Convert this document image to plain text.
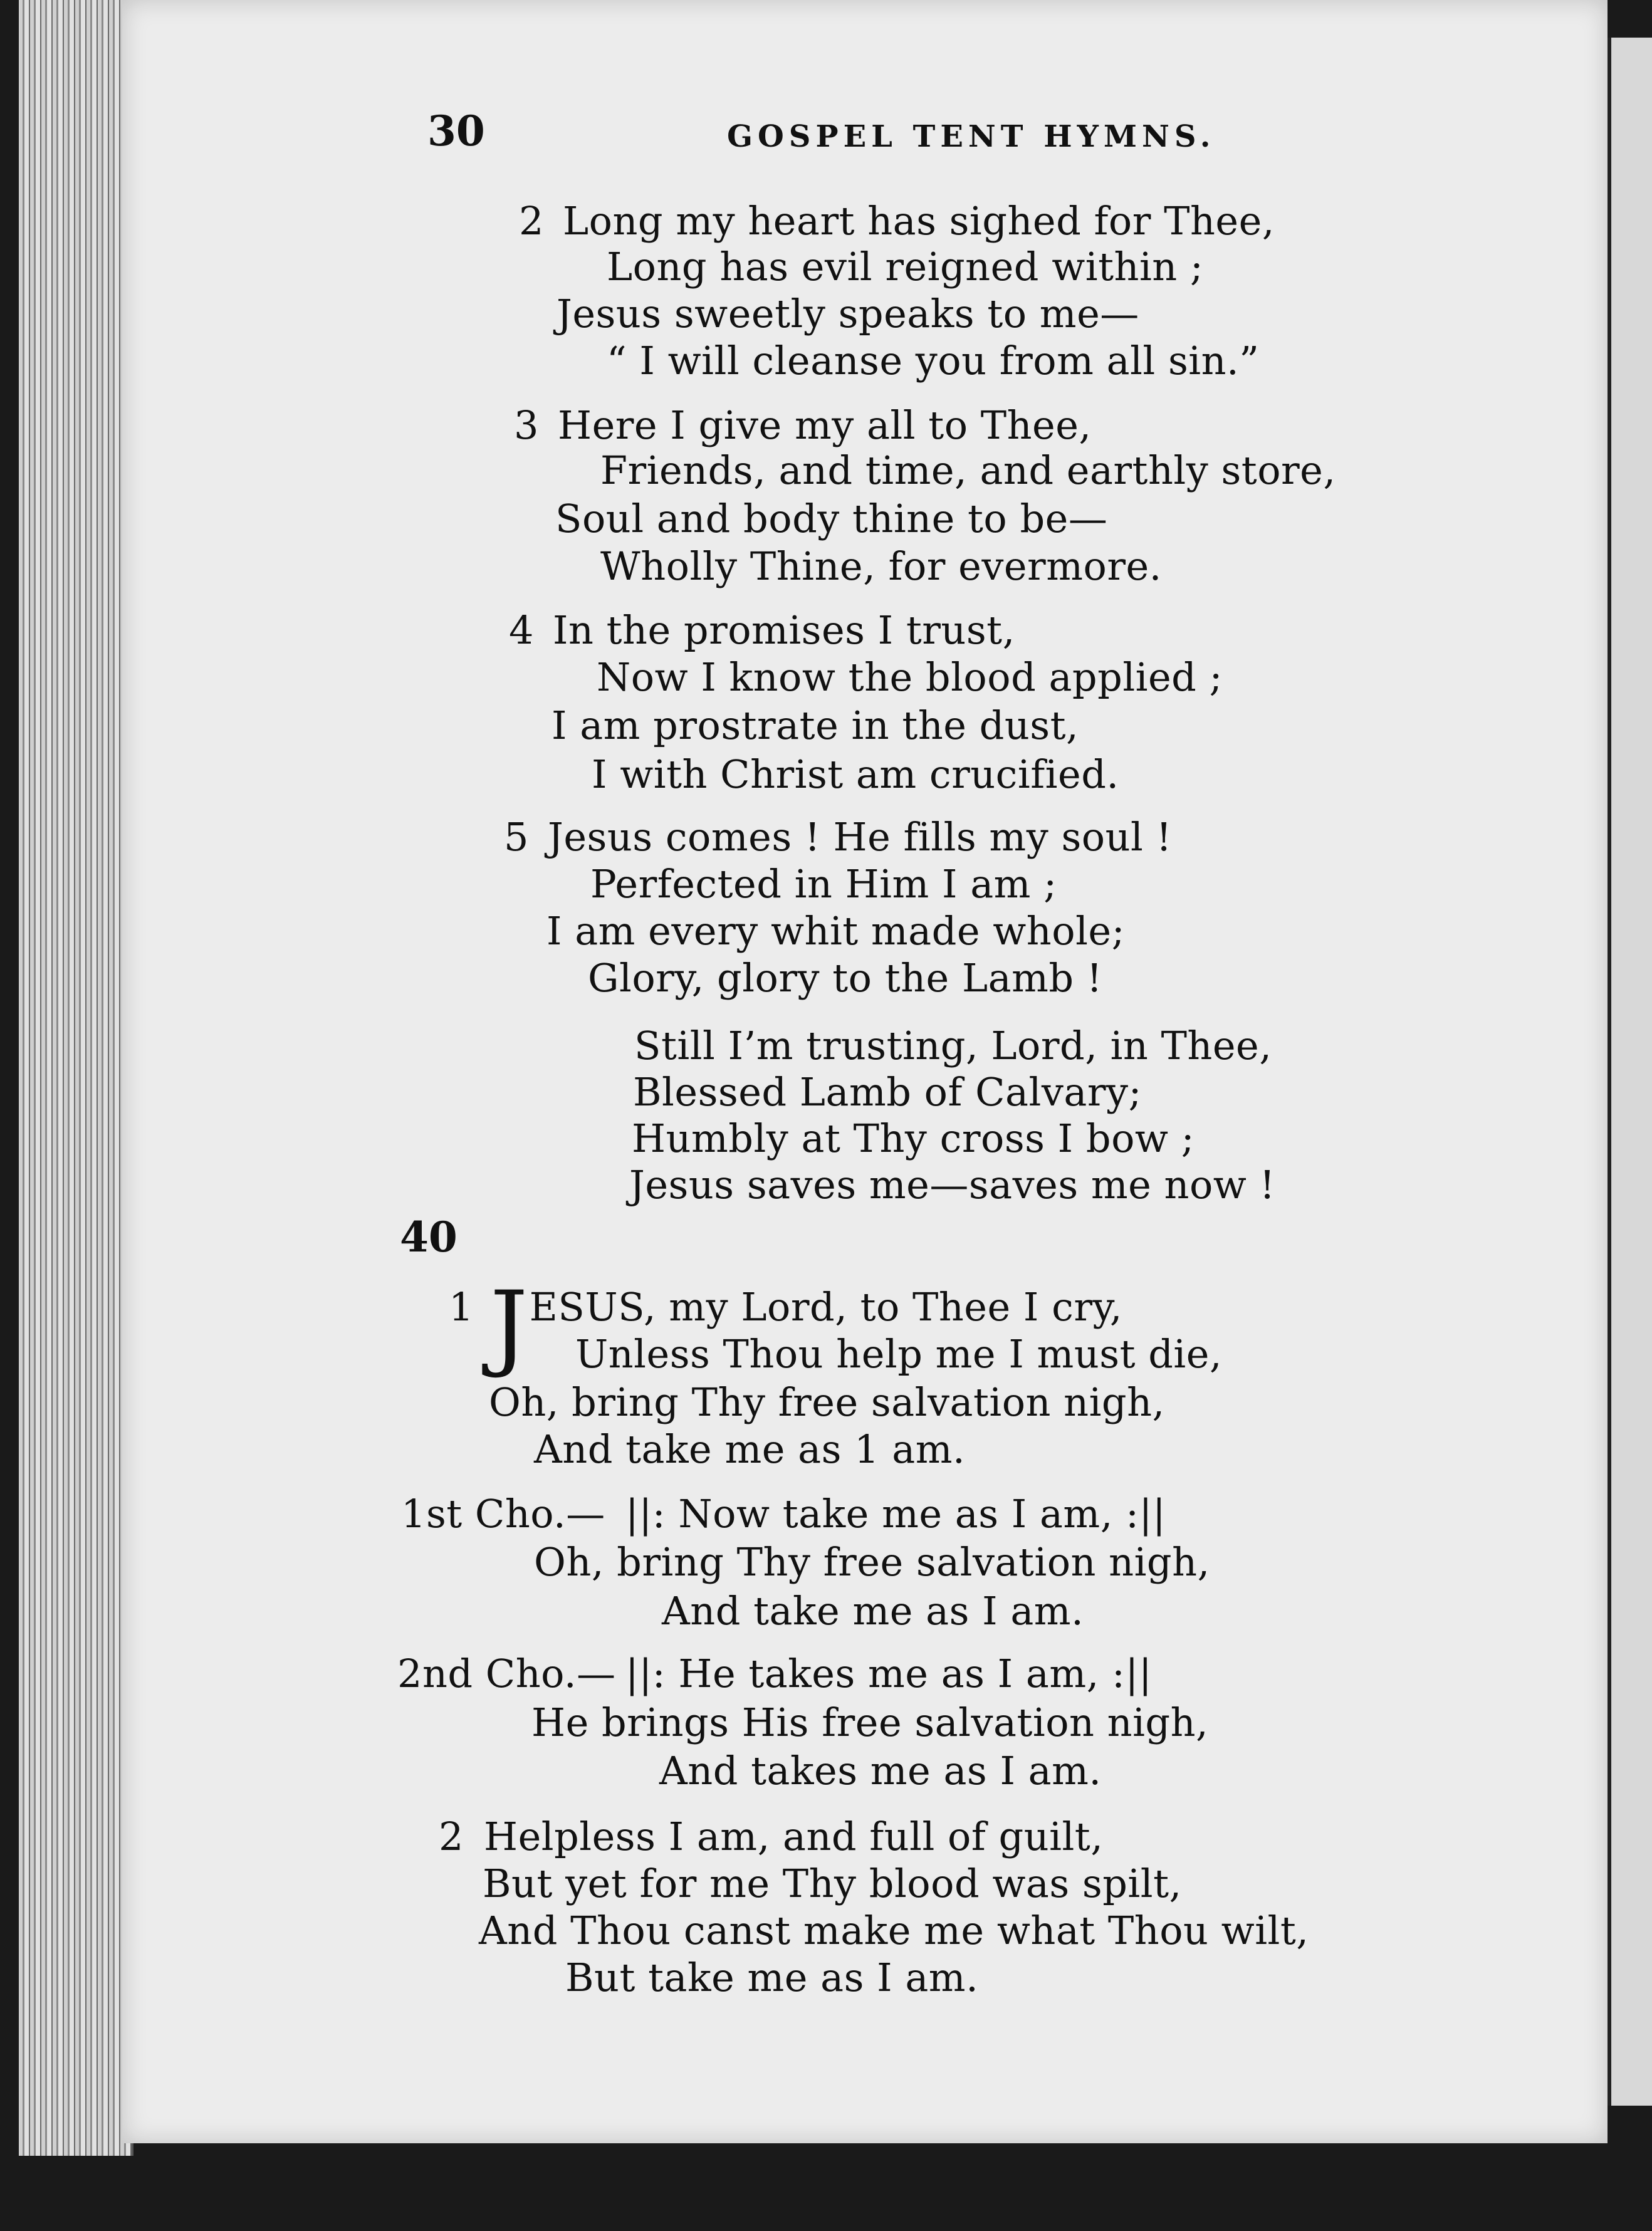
30	GOSPEL TENT HYMNS.
2 Long my heart has sighed for Thee,
Long has evil reigned within ;
Jesus sweetly speaks to me—
“ I will cleanse you from all sin.”
3 Here I give my all to Thee,
Friends, and time, and earthly store,
Soul and body thine to be—
Wholly Thine, for evermore.
4 In the promises I trust,
Now I know the blood applied ;
I am prostrate in the dust,
I with Christ am crucified.
5 Jesus comes ! He fills my soul !
Perfected in Him I am ;
I am every whit made whole;
Glory, glory to the Lamb !
Still I’m trusting, Lord, in Thee,
Blessed Lamb of Calvary;
Humbly at Thy cross I bow ;
Jesus saves me—saves me now !
40
1 JESUS, my Lord, to Thee I cry,
Unless Thou help me I must die,
Oh, bring Thy free salvation nigh,
And take me as 1 am.
1st Cho.— ||: Now take me as I am, :||
Oh, bring Thy free salvation nigh,
And take me as I am.
2nd Cho.— ||: He takes me as I am, :||
He brings His free salvation nigh,
And takes me as I am.
2 Helpless I am, and full of guilt,
But yet for me Thy blood was spilt,
And Thou canst make me what Thou wilt,
But take me as I am.
